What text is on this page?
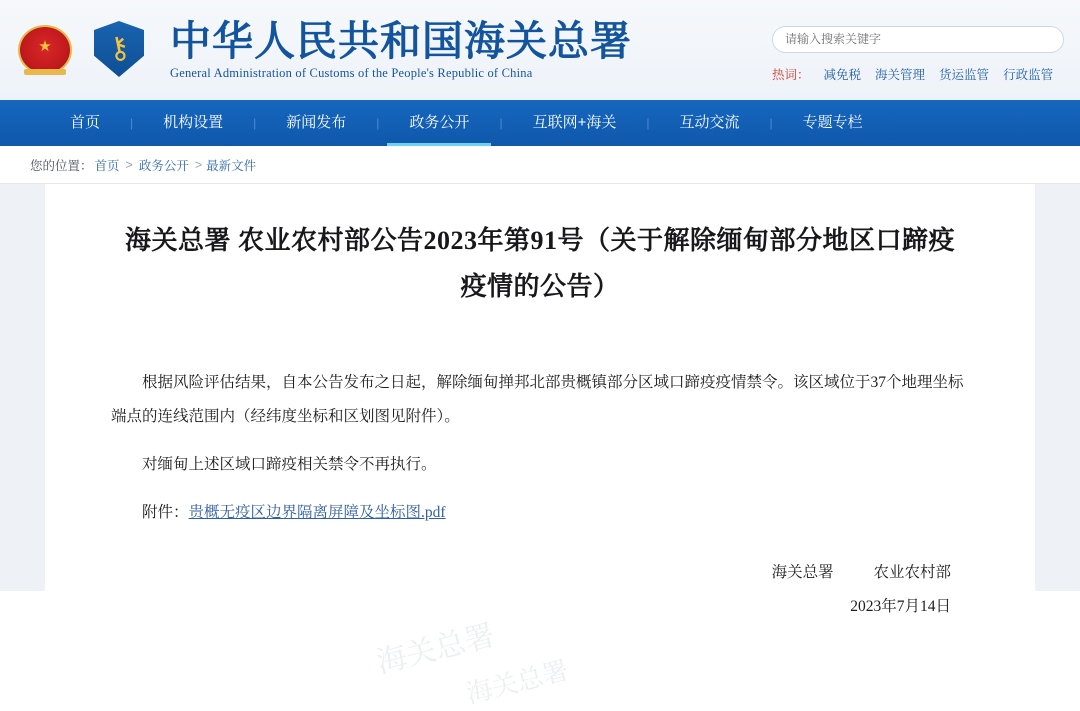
★ ⚷ 中华人民共和国海关总署
General Administration of Customs of the People's Republic of China
请输入搜索关键字	热词： 减免税 海关管理 货运监管 行政监管
首页	|	机构设置	|	新闻发布	|	政务公开	|	互联网+海关	|	互动交流	|	专题专栏
您的位置： 首页 > 政务公开 > 最新文件
海关总署 农业农村部公告2023年第91号（关于解除缅甸部分地区口蹄疫疫情的公告）

根据风险评估结果，自本公告发布之日起，解除缅甸掸邦北部贵概镇部分区域口蹄疫疫情禁令。该区域位于37个地理坐标端点的连线范围内（经纬度坐标和区划图见附件）。

对缅甸上述区域口蹄疫相关禁令不再执行。

附件：贵概无疫区边界隔离屏障及坐标图.pdf

海关总署	农业农村部
2023年7月14日
海关总署
海关总署
